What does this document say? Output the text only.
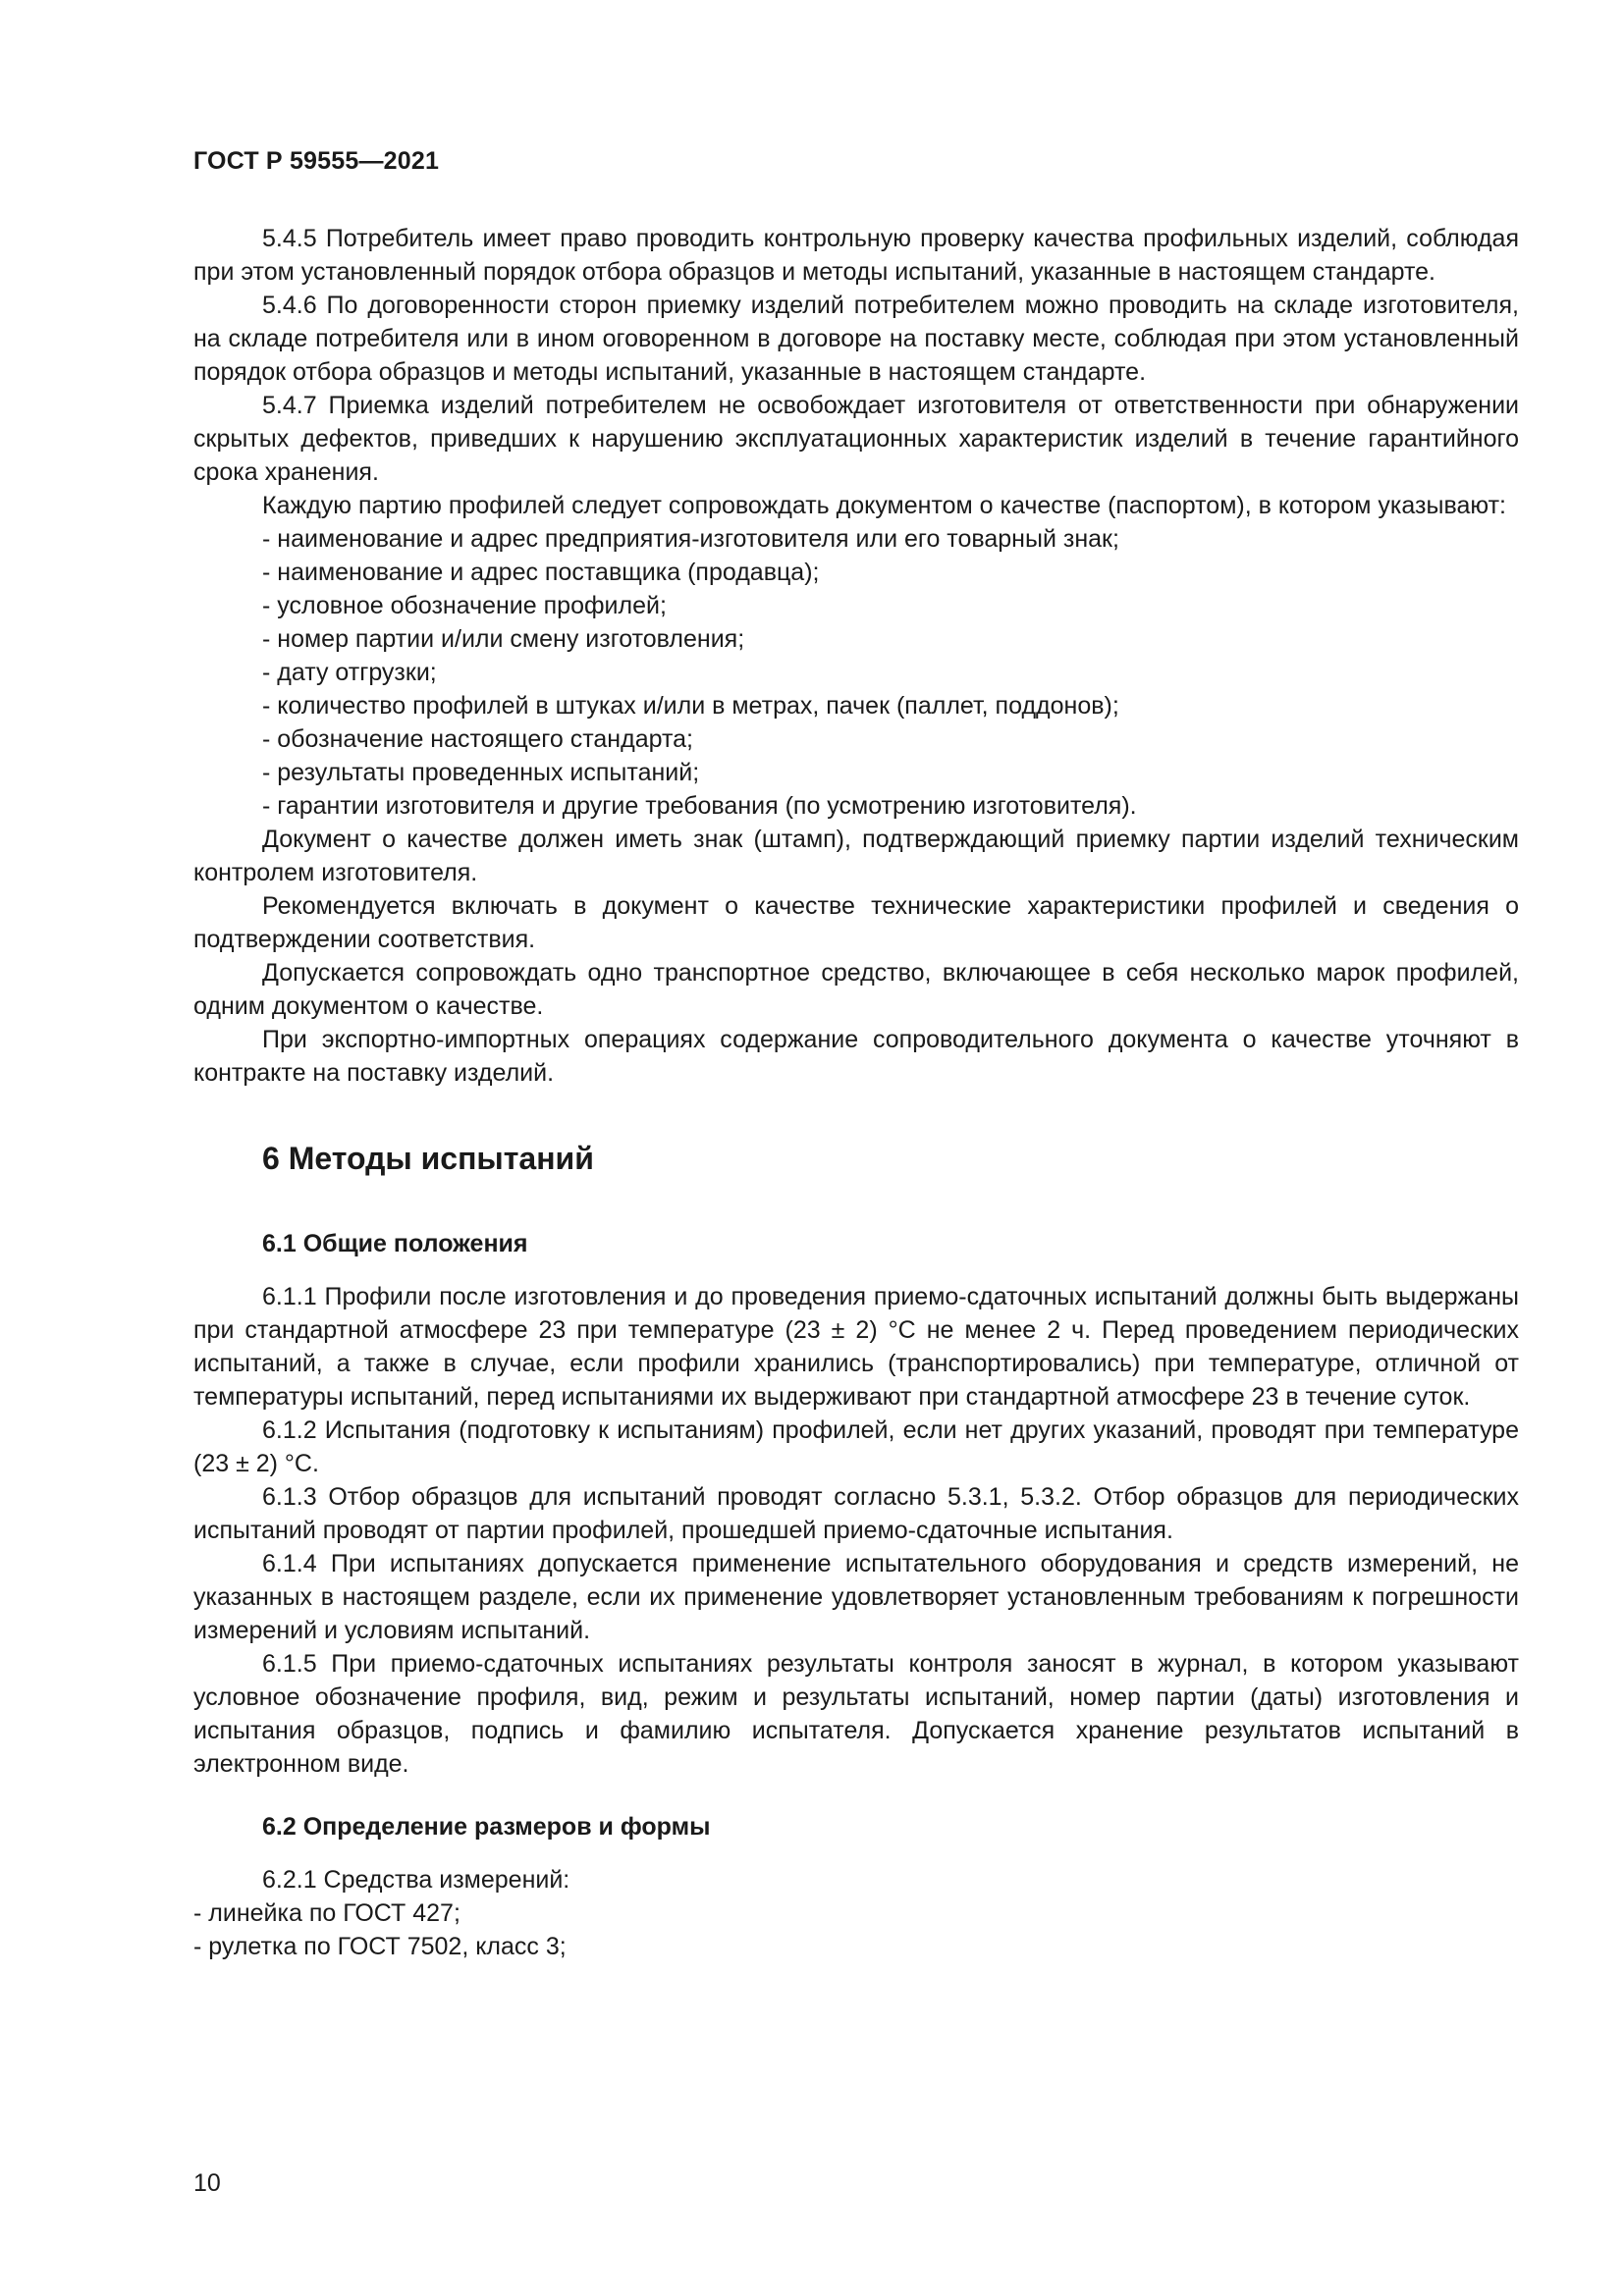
ГОСТ Р 59555—2021

5.4.5 Потребитель имеет право проводить контрольную проверку качества профильных изделий, соблюдая при этом установленный порядок отбора образцов и методы испытаний, указанные в настоящем стандарте.

5.4.6 По договоренности сторон приемку изделий потребителем можно проводить на складе изготовителя, на складе потребителя или в ином оговоренном в договоре на поставку месте, соблюдая при этом установленный порядок отбора образцов и методы испытаний, указанные в настоящем стандарте.

5.4.7 Приемка изделий потребителем не освобождает изготовителя от ответственности при обнаружении скрытых дефектов, приведших к нарушению эксплуатационных характеристик изделий в течение гарантийного срока хранения.

Каждую партию профилей следует сопровождать документом о качестве (паспортом), в котором указывают:

- наименование и адрес предприятия-изготовителя или его товарный знак;

- наименование и адрес поставщика (продавца);

- условное обозначение профилей;

- номер партии и/или смену изготовления;

- дату отгрузки;

- количество профилей в штуках и/или в метрах, пачек (паллет, поддонов);

- обозначение настоящего стандарта;

- результаты проведенных испытаний;

- гарантии изготовителя и другие требования (по усмотрению изготовителя).

Документ о качестве должен иметь знак (штамп), подтверждающий приемку партии изделий техническим контролем изготовителя.

Рекомендуется включать в документ о качестве технические характеристики профилей и сведения о подтверждении соответствия.

Допускается сопровождать одно транспортное средство, включающее в себя несколько марок профилей, одним документом о качестве.

При экспортно-импортных операциях содержание сопроводительного документа о качестве уточняют в контракте на поставку изделий.

6 Методы испытаний
6.1 Общие положения

6.1.1 Профили после изготовления и до проведения приемо-сдаточных испытаний должны быть выдержаны при стандартной атмосфере 23 при температуре (23 ± 2) °С не менее 2 ч. Перед проведением периодических испытаний, а также в случае, если профили хранились (транспортировались) при температуре, отличной от температуры испытаний, перед испытаниями их выдерживают при стандартной атмосфере 23 в течение суток.

6.1.2 Испытания (подготовку к испытаниям) профилей, если нет других указаний, проводят при температуре (23 ± 2) °С.

6.1.3 Отбор образцов для испытаний проводят согласно 5.3.1, 5.3.2. Отбор образцов для периодических испытаний проводят от партии профилей, прошедшей приемо-сдаточные испытания.

6.1.4 При испытаниях допускается применение испытательного оборудования и средств измерений, не указанных в настоящем разделе, если их применение удовлетворяет установленным требованиям к погрешности измерений и условиям испытаний.

6.1.5 При приемо-сдаточных испытаниях результаты контроля заносят в журнал, в котором указывают условное обозначение профиля, вид, режим и результаты испытаний, номер партии (даты) изготовления и испытания образцов, подпись и фамилию испытателя. Допускается хранение результатов испытаний в электронном виде.

6.2 Определение размеров и формы

6.2.1 Средства измерений:

- линейка по ГОСТ 427;

- рулетка по ГОСТ 7502, класс 3;

10
